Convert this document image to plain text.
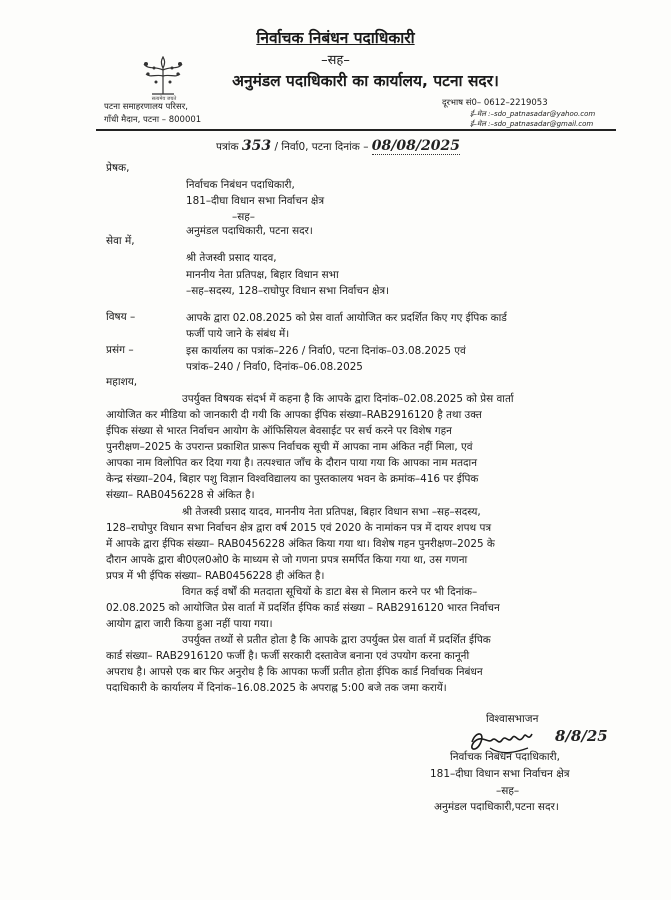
निर्वाचक निबंधन पदाधिकारी
–सह–
अनुमंडल पदाधिकारी का कार्यालय, पटना सदर।
सत्यमेव जयते
पटना समाहरणालय परिसर,
गाँधी मैदान, पटना – 800001
दूरभाष सं0– 0612–2219053
ई–मेल :–sdo_patnasadar@yahoo.com
ई–मेल :–sdo_patnasadar@gmail.com
पत्रांक 353 / निर्वा0, पटना दिनांक – 08/08/2025
प्रेषक,
निर्वाचक निबंधन पदाधिकारी,
181–दीघा विधान सभा निर्वाचन क्षेत्र
–सह–
अनुमंडल पदाधिकारी, पटना सदर।
सेवा में,
श्री तेजस्वी प्रसाद यादव,
माननीय नेता प्रतिपक्ष, बिहार विधान सभा
–सह–सदस्य, 128–राघोपुर विधान सभा निर्वाचन क्षेत्र।
विषय –	आपके द्वारा 02.08.2025 को प्रेस वार्ता आयोजित कर प्रदर्शित किए गए ईपिक कार्ड
फर्जी पाये जाने के संबंध में।
प्रसंग –	इस कार्यालय का पत्रांक–226 / निर्वा0, पटना दिनांक–03.08.2025 एवं
पत्रांक–240 / निर्वा0, दिनांक–06.08.2025
महाशय,
उपर्युक्त विषयक संदर्भ में कहना है कि आपके द्वारा दिनांक–02.08.2025 को प्रेस वार्ता
आयोजित कर मीडिया को जानकारी दी गयी कि आपका ईपिक संख्या–RAB2916120 है तथा उक्त
ईपिक संख्या से भारत निर्वाचन आयोग के ऑफिसियल बेवसाईट पर सर्च करने पर विशेष गहन
पुनरीक्षण–2025 के उपरान्त प्रकाशित प्रारूप निर्वाचक सूची में आपका नाम अंकित नहीं मिला, एवं
आपका नाम विलोपित कर दिया गया है। तत्पश्चात जाँच के दौरान पाया गया कि आपका नाम मतदान
केन्द्र संख्या–204, बिहार पशु विज्ञान विश्वविद्यालय का पुस्तकालय भवन के क्रमांक–416 पर ईपिक
संख्या– RAB0456228 से अंकित है।
श्री तेजस्वी प्रसाद यादव, माननीय नेता प्रतिपक्ष, बिहार विधान सभा –सह–सदस्य,
128–राघोपुर विधान सभा निर्वाचन क्षेत्र द्वारा वर्ष 2015 एवं 2020 के नामांकन पत्र में दायर शपथ पत्र
में आपके द्वारा ईपिक संख्या– RAB0456228 अंकित किया गया था। विशेष गहन पुनरीक्षण–2025 के
दौरान आपके द्वारा बी0एल0ओ0 के माध्यम से जो गणना प्रपत्र समर्पित किया गया था, उस गणना
प्रपत्र में भी ईपिक संख्या– RAB0456228 ही अंकित है।
विगत कई वर्षों की मतदाता सूचियों के डाटा बेस से मिलान करने पर भी दिनांक–
02.08.2025 को आयोजित प्रेस वार्ता में प्रदर्शित ईपिक कार्ड संख्या – RAB2916120 भारत निर्वाचन
आयोग द्वारा जारी किया हुआ नहीं पाया गया।
उपर्युक्त तथ्यों से प्रतीत होता है कि आपके द्वारा उपर्युक्त प्रेस वार्ता में प्रदर्शित ईपिक
कार्ड संख्या– RAB2916120 फर्जी है। फर्जी सरकारी दस्तावेज बनाना एवं उपयोग करना कानूनी
अपराध है। आपसे एक बार फिर अनुरोध है कि आपका फर्जी प्रतीत होता ईपिक कार्ड निर्वाचक निबंधन
पदाधिकारी के कार्यालय में दिनांक–16.08.2025 के अपराह्न 5:00 बजे तक जमा करायें।
विश्वासभाजन
8/8/25
निर्वाचक निबंधन पदाधिकारी,
181–दीघा विधान सभा निर्वाचन क्षेत्र
–सह–
अनुमंडल पदाधिकारी,पटना सदर।
